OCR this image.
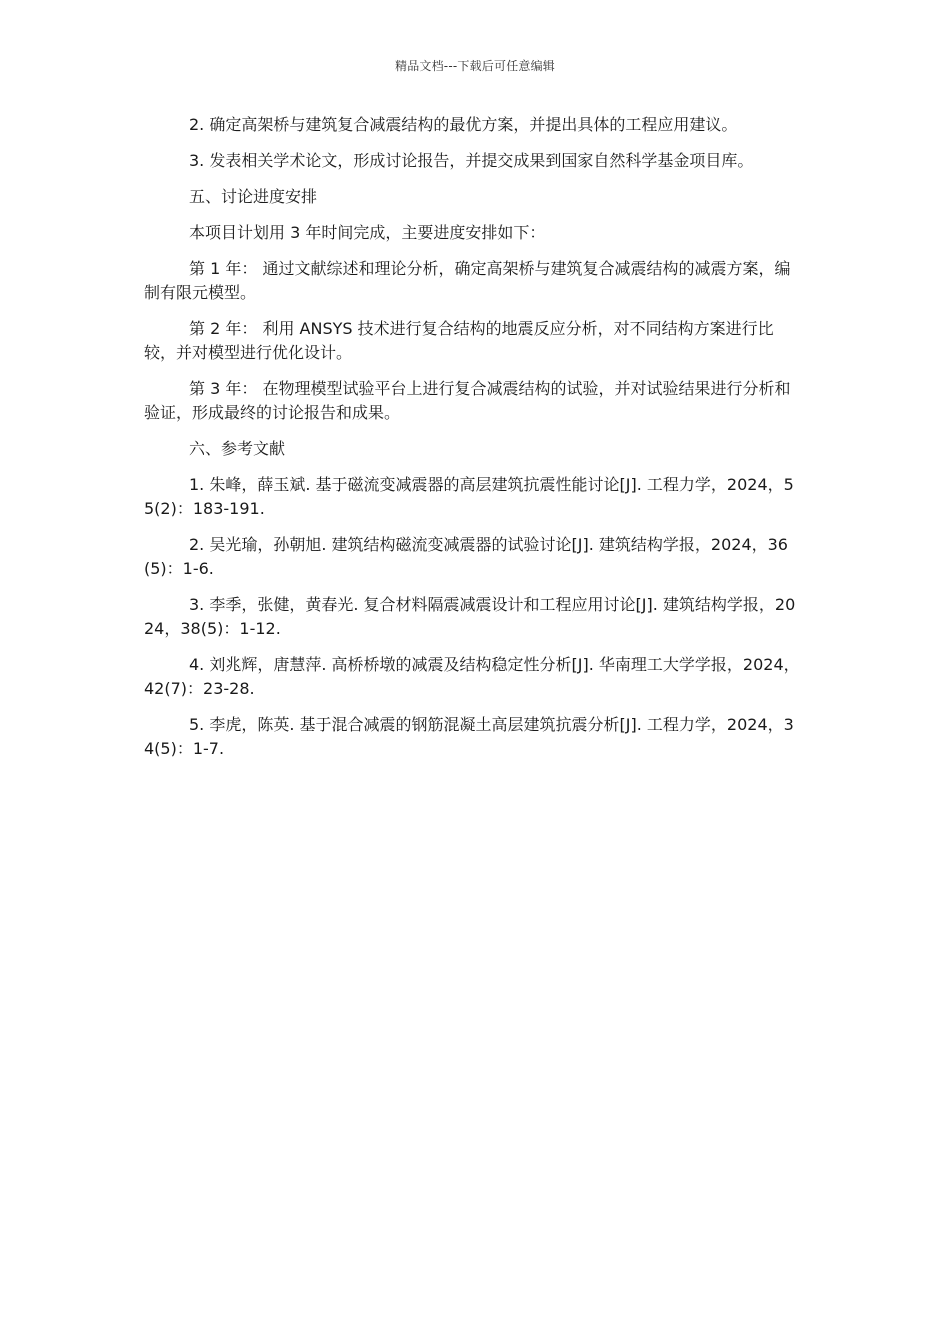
精品文档---下载后可任意编辑

2. 确定高架桥与建筑复合减震结构的最优方案，并提出具体的工程应用建议。

3. 发表相关学术论文，形成讨论报告，并提交成果到国家自然科学基金项目库。

五、讨论进度安排

本项目计划用 3 年时间完成，主要进度安排如下：

第 1 年： 通过文献综述和理论分析，确定高架桥与建筑复合减震结构的减震方案，编制有限元模型。

第 2 年： 利用 ANSYS 技术进行复合结构的地震反应分析，对不同结构方案进行比较，并对模型进行优化设计。

第 3 年： 在物理模型试验平台上进行复合减震结构的试验，并对试验结果进行分析和验证，形成最终的讨论报告和成果。

六、参考文献

1. 朱峰，薛玉斌. 基于磁流变减震器的高层建筑抗震性能讨论[J]. 工程力学，2024，55(2)：183-191.

2. 吴光瑜，孙朝旭. 建筑结构磁流变减震器的试验讨论[J]. 建筑结构学报，2024，36(5)：1-6.

3. 李季，张健，黄春光. 复合材料隔震减震设计和工程应用讨论[J]. 建筑结构学报，2024，38(5)：1-12.

4. 刘兆辉，唐慧萍. 高桥桥墩的减震及结构稳定性分析[J]. 华南理工大学学报，2024，42(7)：23-28.

5. 李虎，陈英. 基于混合减震的钢筋混凝土高层建筑抗震分析[J]. 工程力学，2024，34(5)：1-7.
